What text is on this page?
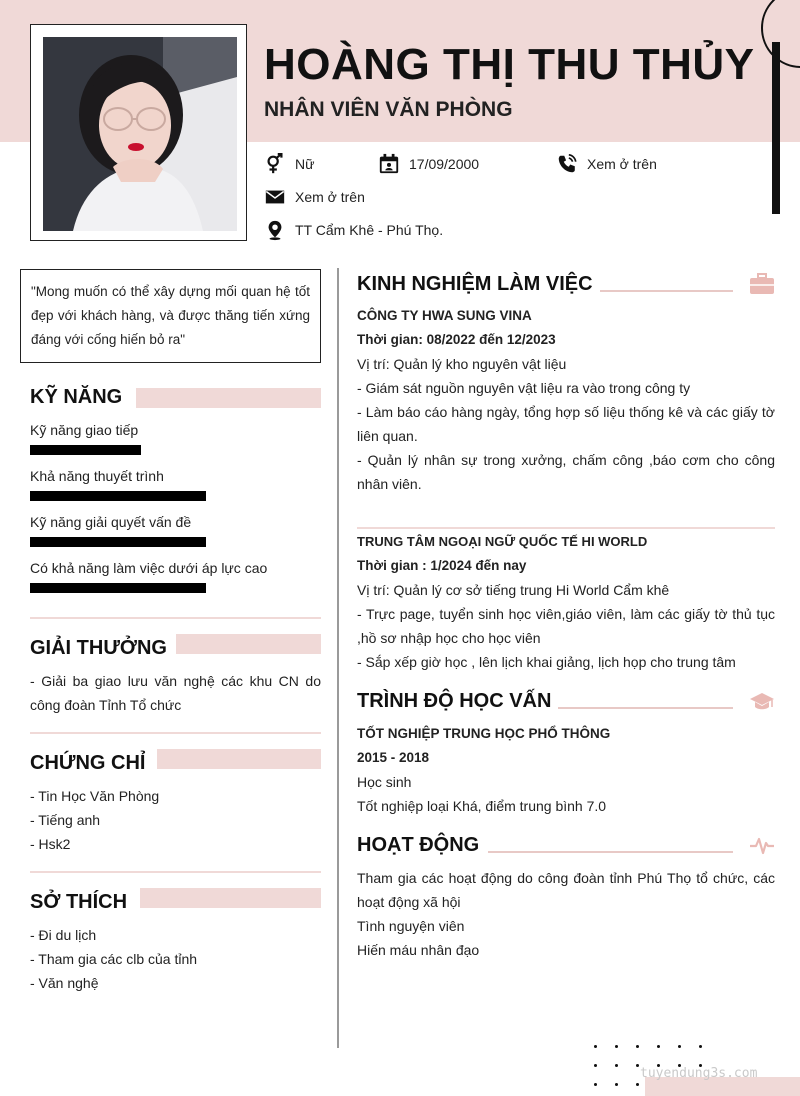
HOÀNG THỊ THU THỦY
NHÂN VIÊN VĂN PHÒNG
Nữ	17/09/2000	Xem ở trên
Xem ở trên
TT Cẩm Khê - Phú Thọ.
"Mong muốn có thể xây dựng mối quan hệ tốt đẹp với khách hàng, và được thăng tiến xứng đáng với cống hiến bỏ ra"
KỸ NĂNG
Kỹ năng giao tiếp
Khả năng thuyết trình
Kỹ năng giải quyết vấn đề
Có khả năng làm việc dưới áp lực cao
GIẢI THƯỞNG
- Giải ba giao lưu văn nghệ các khu CN do công đoàn Tỉnh Tổ chức
CHỨNG CHỈ
- Tin Học Văn Phòng
- Tiếng anh
- Hsk2
SỞ THÍCH
- Đi du lịch
- Tham gia các clb của tỉnh
- Văn nghệ
KINH NGHIỆM LÀM VIỆC
CÔNG TY HWA SUNG VINA
Thời gian: 08/2022 đến 12/2023
Vị trí: Quản lý kho nguyên vật liệu
- Giám sát nguồn nguyên vật liệu ra vào trong công ty
- Làm báo cáo hàng ngày, tổng hợp số liệu thống kê và các giấy tờ liên quan.
- Quản lý nhân sự trong xưởng, chấm công ,báo cơm cho công nhân viên.
TRUNG TÂM NGOẠI NGỮ QUỐC TẾ HI WORLD
Thời gian : 1/2024 đến nay
Vị trí: Quản lý cơ sở tiếng trung Hi World Cẩm khê
- Trực page, tuyển sinh học viên,giáo viên, làm các giấy tờ thủ tục ,hồ sơ nhập học cho học viên
- Sắp xếp giờ học , lên lịch khai giảng, lịch họp cho trung tâm
TRÌNH ĐỘ HỌC VẤN
TỐT NGHIỆP TRUNG HỌC PHỔ THÔNG
2015 - 2018
Học sinh
Tốt nghiệp loại Khá, điểm trung bình 7.0
HOẠT ĐỘNG
Tham gia các hoạt động do công đoàn tỉnh Phú Thọ tổ chức, các hoạt động xã hội
Tình nguyện viên
Hiến máu nhân đạo
tuyendung3s.com
